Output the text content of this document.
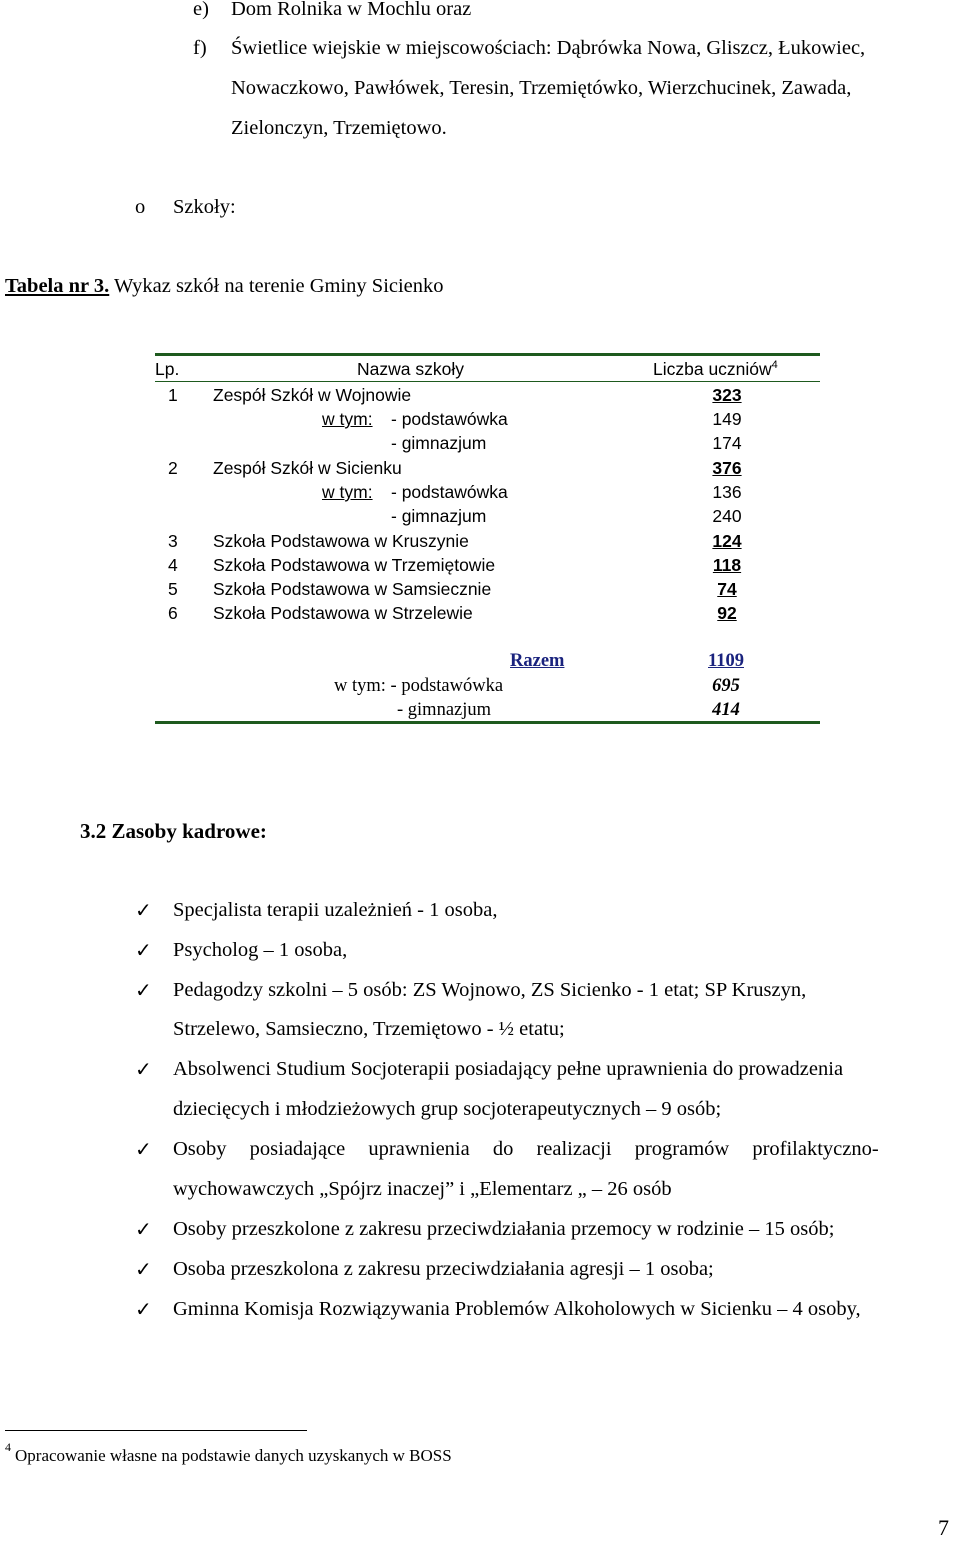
e) Dom Rolnika w Mochlu oraz
f) Świetlice wiejskie w miejscowościach: Dąbrówka Nowa, Gliszcz, Łukowiec,
Nowaczkowo, Pawłówek, Teresin, Trzemiętówko, Wierzchucinek, Zawada,
Zielonczyn, Trzemiętowo.
o Szkoły:
Tabela nr 3. Wykaz szkół na terenie Gminy Sicienko
Lp.	Nazwa szkoły	Liczba uczniów$^4$
1 Zespół Szkół w Wojnowie	323
w tym: - podstawówka	149
- gimnazjum	174
2 Zespół Szkół w Sicienku	376
w tym: - podstawówka	136
- gimnazjum	240
3 Szkoła Podstawowa w Kruszynie	124
4 Szkoła Podstawowa w Trzemiętowie	118
5 Szkoła Podstawowa w Samsiecznie	74
6 Szkoła Podstawowa w Strzelewie	92
Razem	1109
w tym: - podstawówka	695
- gimnazjum	414
3.2 Zasoby kadrowe:
✓ Specjalista terapii uzależnień - 1 osoba,
✓ Psycholog – 1 osoba,
✓ Pedagodzy szkolni – 5 osób: ZS Wojnowo, ZS Sicienko - 1 etat; SP Kruszyn,
Strzelewo, Samsieczno, Trzemiętowo - ½ etatu;
✓ Absolwenci Studium Socjoterapii posiadający pełne uprawnienia do prowadzenia
dziecięcych i młodzieżowych grup socjoterapeutycznych – 9 osób;
✓ Osoby posiadające uprawnienia do realizacji programów profilaktyczno-
wychowawczych „Spójrz inaczej” i „Elementarz „ – 26 osób
✓ Osoby przeszkolone z zakresu przeciwdziałania przemocy w rodzinie – 15 osób;
✓ Osoba przeszkolona z zakresu przeciwdziałania agresji – 1 osoba;
✓ Gminna Komisja Rozwiązywania Problemów Alkoholowych w Sicienku – 4 osoby,
4 Opracowanie własne na podstawie danych uzyskanych w BOSS
7
